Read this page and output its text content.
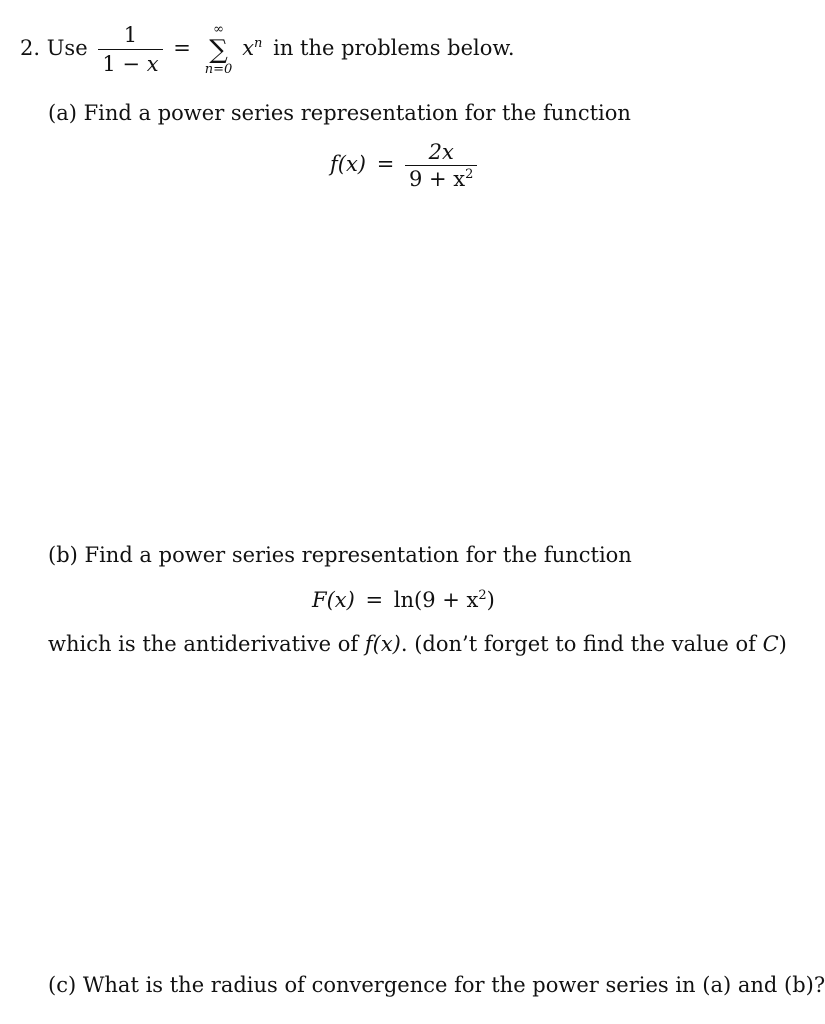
2. Use $\frac{1}{1 - x}$ =
∞
∑
n=0
$x^n$ in the problems below.
(a) Find a power series representation for the function
$f(x) = \frac{2x}{9 + x^2}$
(b) Find a power series representation for the function
$F(x) = \ln(9 + x^2)$
which is the antiderivative of f(x). (don’t forget to find the value of C)
(c) What is the radius of convergence for the power series in (a) and (b)?
